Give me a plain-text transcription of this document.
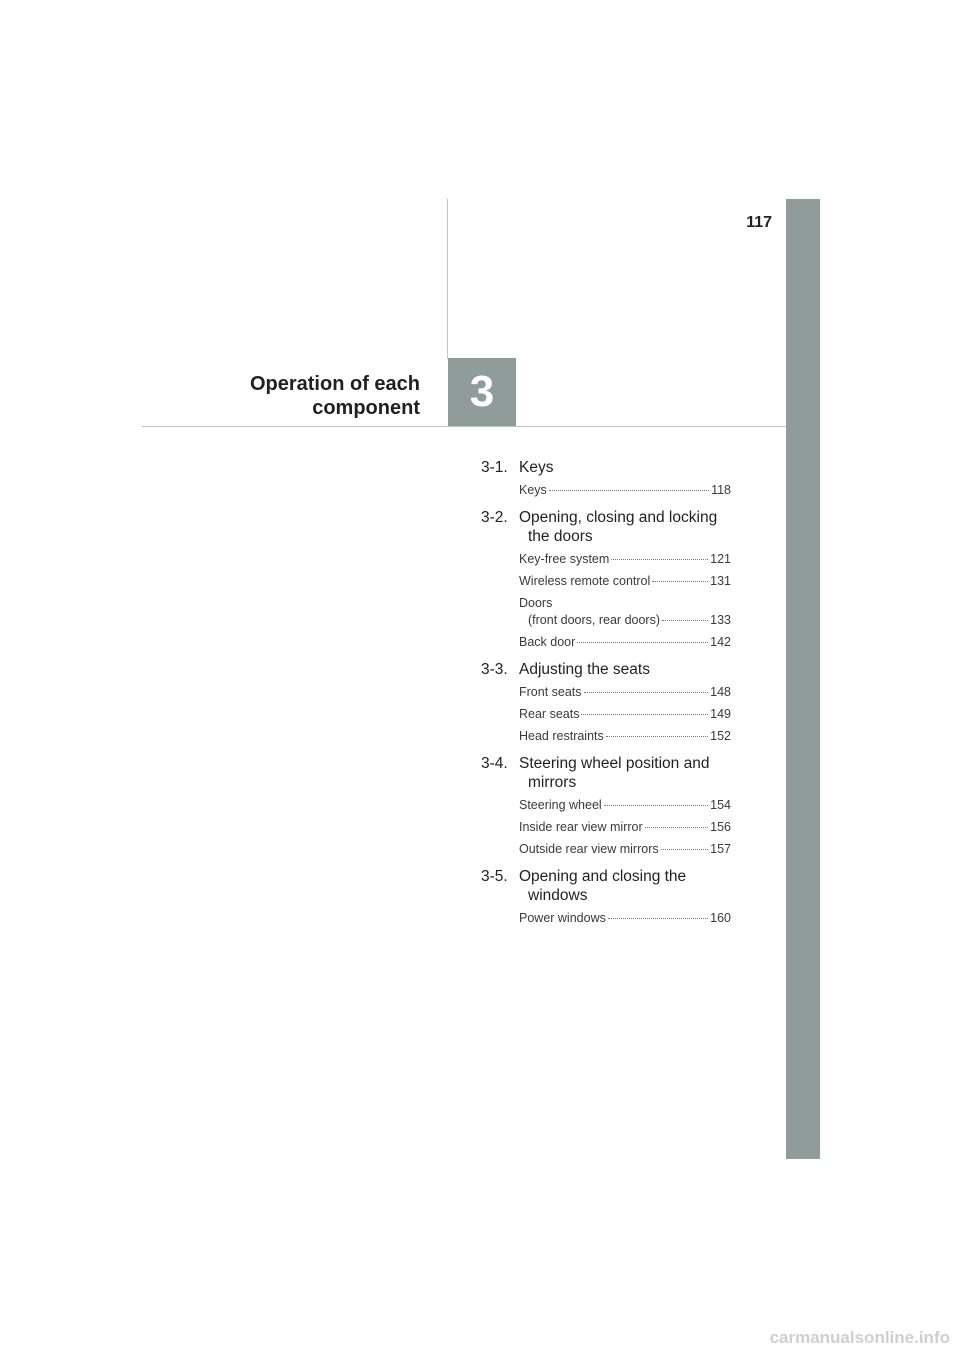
117
Operation of each
component	3
3-1. Keys
Keys	118
3-2. Opening, closing and locking
the doors
Key-free system	121
Wireless remote control	131
Doors
(front doors, rear doors)	133
Back door	142
3-3. Adjusting the seats
Front seats	148
Rear seats	149
Head restraints	152
3-4. Steering wheel position and
mirrors
Steering wheel	154
Inside rear view mirror	156
Outside rear view mirrors	157
3-5. Opening and closing the
windows
Power windows	160
carmanualsonline.info
